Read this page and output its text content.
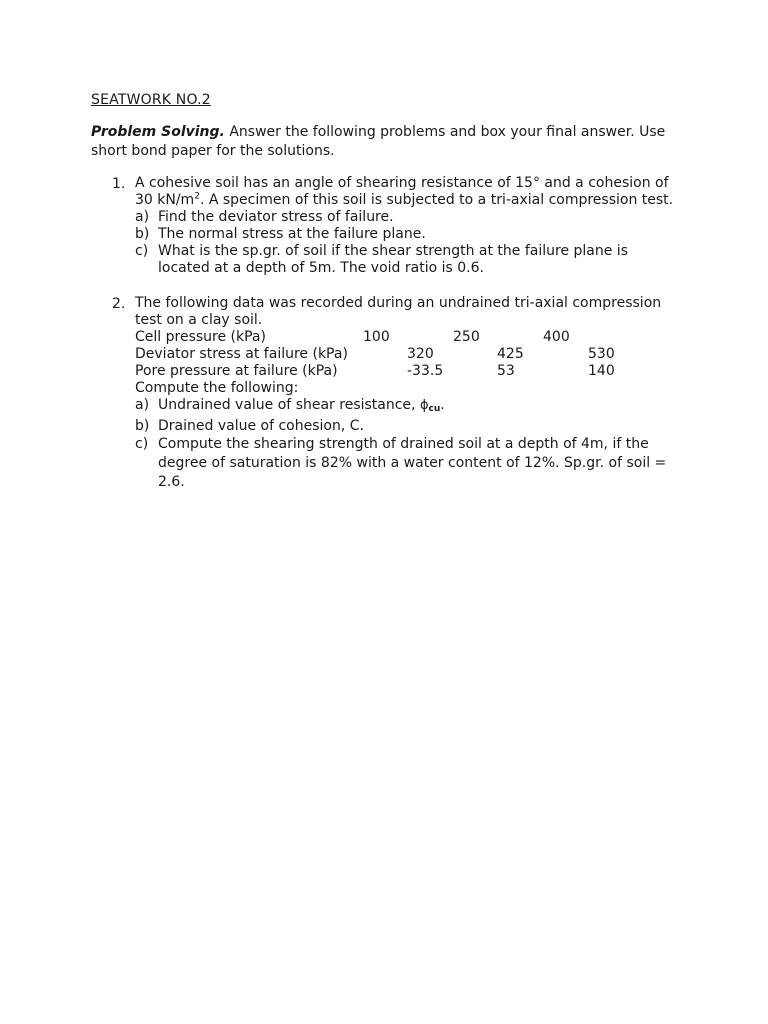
SEATWORK NO.2
Problem Solving. Answer the following problems and box your final answer. Use
short bond paper for the solutions.
1. A cohesive soil has an angle of shearing resistance of 15° and a cohesion of
30 $kN/m^2$. A specimen of this soil is subjected to a tri-axial compression test.
a) Find the deviator stress of failure.
b) The normal stress at the failure plane.
c) What is the sp.gr. of soil if the shear strength at the failure plane is located at a depth of 5m. The void ratio is 0.6.
2. The following data was recorded during an undrained tri-axial compression
test on a clay soil.
Cell pressure (kPa)	100	250	400
Deviator stress at failure (kPa)	320	425	530
Pore pressure at failure (kPa)	-33.5	53	140
Compute the following:
a) Undrained value of shear resistance, $\phi_{cu}$.
b) Drained value of cohesion, C.
c) Compute the shearing strength of drained soil at a depth of 4m, if the degree of saturation is 82% with a water content of 12%. Sp.gr. of soil = 2.6.
